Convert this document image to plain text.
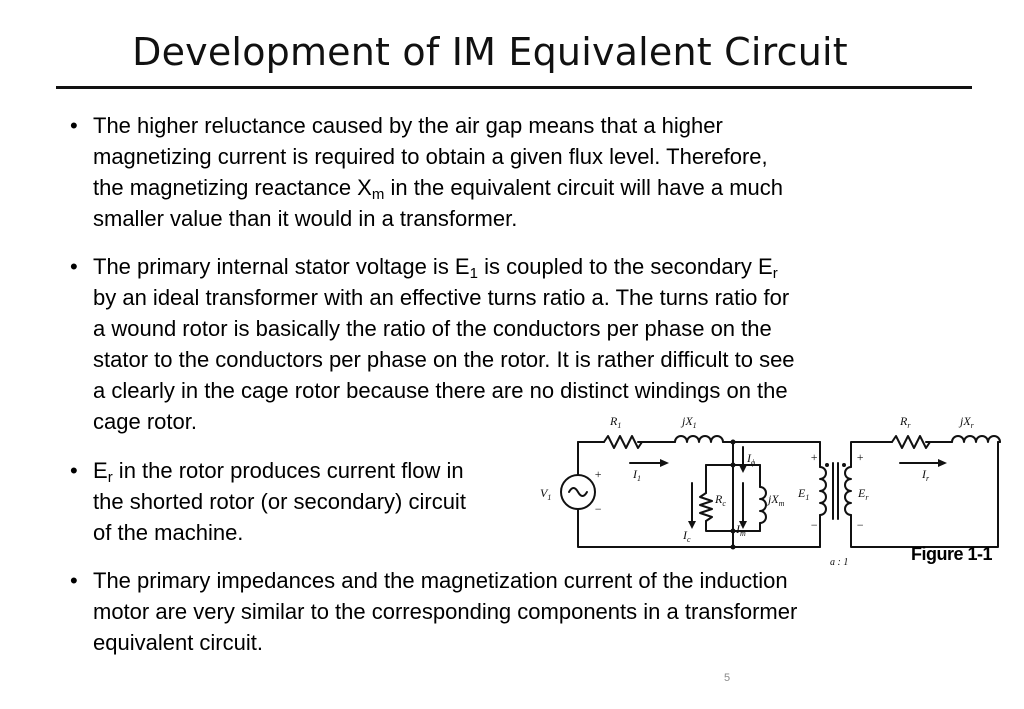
Development of IM Equivalent Circuit
• The higher reluctance caused by the air gap means that a higher
magnetizing current is required to obtain a given flux level. Therefore,
the magnetizing reactance $X_m$ in the equivalent circuit will have a much
smaller value than it would in a transformer.
• The primary internal stator voltage is $E_1$ is coupled to the secondary $E_r$
by an ideal transformer with an effective turns ratio a. The turns ratio for
a wound rotor is basically the ratio of the conductors per phase on the
stator to the conductors per phase on the rotor. It is rather difficult to see
a clearly in the cage rotor because there are no distinct windings on the
cage rotor.
• $E_r$ in the rotor produces current flow in
the shorted rotor (or secondary) circuit
of the machine.
• The primary impedances and the magnetization current of the induction
motor are very similar to the corresponding components in a transformer
equivalent circuit.
$R_1$	$jX_1$	$R_r$	$jX_r$
$V_1$
$I_1$
$I_\phi$
$R_c$	$jX_m$
$I_c$
$I_m$
$E_1$	$E_r$
$I_r$
a : 1
+
−
+
−
+
−
Figure 1-1
5
